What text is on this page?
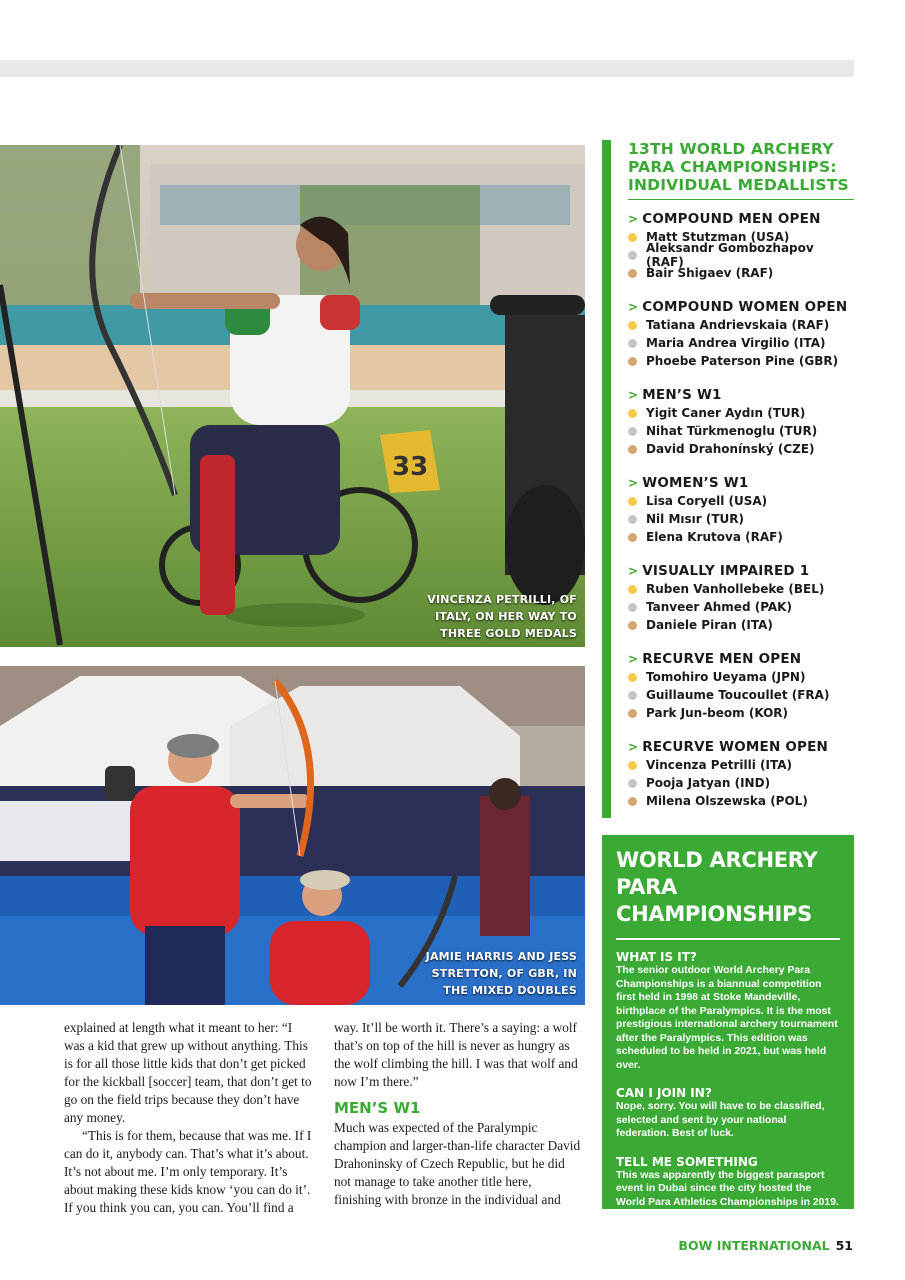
33
VINCENZA PETRILLI, OF ITALY, ON HER WAY TO THREE GOLD MEDALS
JAMIE HARRIS AND JESS STRETTON, OF GBR, IN THE MIXED DOUBLES

explained at length what it meant to her: “I was a kid that grew up without anything. This is for all those little kids that don’t get picked for the kickball [soccer] team, that don’t get to go on the field trips because they don’t have any money.

“This is for them, because that was me. If I can do it, anybody can. That’s what it’s about. It’s not about me. I’m only temporary. It’s about making these kids know ‘you can do it’. If you think you can, you can. You’ll find a

way. It’ll be worth it. There’s a saying: a wolf that’s on top of the hill is never as hungry as the wolf climbing the hill. I was that wolf and now I’m there.”

MEN’S W1

Much was expected of the Paralympic champion and larger-than-life character David Drahoninsky of Czech Republic, but he did not manage to take another title here, finishing with bronze in the individual and

13TH WORLD ARCHERY PARA CHAMPIONSHIPS: INDIVIDUAL MEDALLISTS
> COMPOUND MEN OPEN
Matt Stutzman (USA)
Aleksandr Gombozhapov (RAF)
Bair Shigaev (RAF)
> COMPOUND WOMEN OPEN
Tatiana Andrievskaia (RAF)
Maria Andrea Virgilio (ITA)
Phoebe Paterson Pine (GBR)
> MEN’S W1
Yigit Caner Aydın (TUR)
Nihat Türkmenoglu (TUR)
David Drahonínský (CZE)
> WOMEN’S W1
Lisa Coryell (USA)
Nil Mısır (TUR)
Elena Krutova (RAF)
> VISUALLY IMPAIRED 1
Ruben Vanhollebeke (BEL)
Tanveer Ahmed (PAK)
Daniele Piran (ITA)
> RECURVE MEN OPEN
Tomohiro Ueyama (JPN)
Guillaume Toucoullet (FRA)
Park Jun-beom (KOR)
> RECURVE WOMEN OPEN
Vincenza Petrilli (ITA)
Pooja Jatyan (IND)
Milena Olszewska (POL)
WORLD ARCHERY PARA CHAMPIONSHIPS
WHAT IS IT?

The senior outdoor World Archery Para Championships is a biannual competition first held in 1998 at Stoke Mandeville, birthplace of the Paralympics. It is the most prestigious international archery tournament after the Paralympics. This edition was scheduled to be held in 2021, but was held over.

CAN I JOIN IN?

Nope, sorry. You will have to be classified, selected and sent by your national federation. Best of luck.

TELL ME SOMETHING

This was apparently the biggest parasport event in Dubai since the city hosted the World Para Athletics Championships in 2019.

BOW INTERNATIONAL 51
